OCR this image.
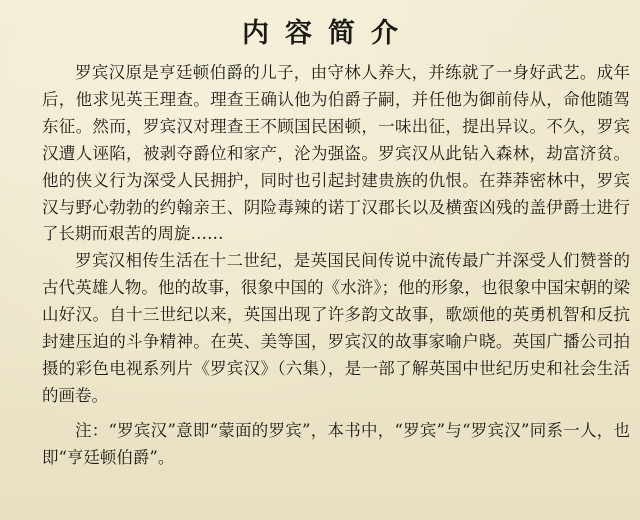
内容简介

罗宾汉原是亨廷顿伯爵的儿子，由守林人养大，并练就了一身好武艺。成年后，他求见英王理查。理查王确认他为伯爵子嗣，并任他为御前侍从，命他随驾东征。然而，罗宾汉对理查王不顾国民困顿，一味出征，提出异议。不久，罗宾汉遭人诬陷，被剥夺爵位和家产，沦为强盗。罗宾汉从此钻入森林，劫富济贫。他的侠义行为深受人民拥护，同时也引起封建贵族的仇恨。在莽莽密林中，罗宾汉与野心勃勃的约翰亲王、阴险毒辣的诺丁汉郡长以及横蛮凶残的盖伊爵士进行了长期而艰苦的周旋……

罗宾汉相传生活在十二世纪，是英国民间传说中流传最广并深受人们赞誉的古代英雄人物。他的故事，很象中国的《水浒》；他的形象，也很象中国宋朝的梁山好汉。自十三世纪以来，英国出现了许多韵文故事，歌颂他的英勇机智和反抗封建压迫的斗争精神。在英、美等国，罗宾汉的故事家喻户晓。英国广播公司拍摄的彩色电视系列片《罗宾汉》（六集），是一部了解英国中世纪历史和社会生活的画卷。

注：“罗宾汉”意即“蒙面的罗宾”，本书中，“罗宾”与“罗宾汉”同系一人，也即“亨廷顿伯爵”。
